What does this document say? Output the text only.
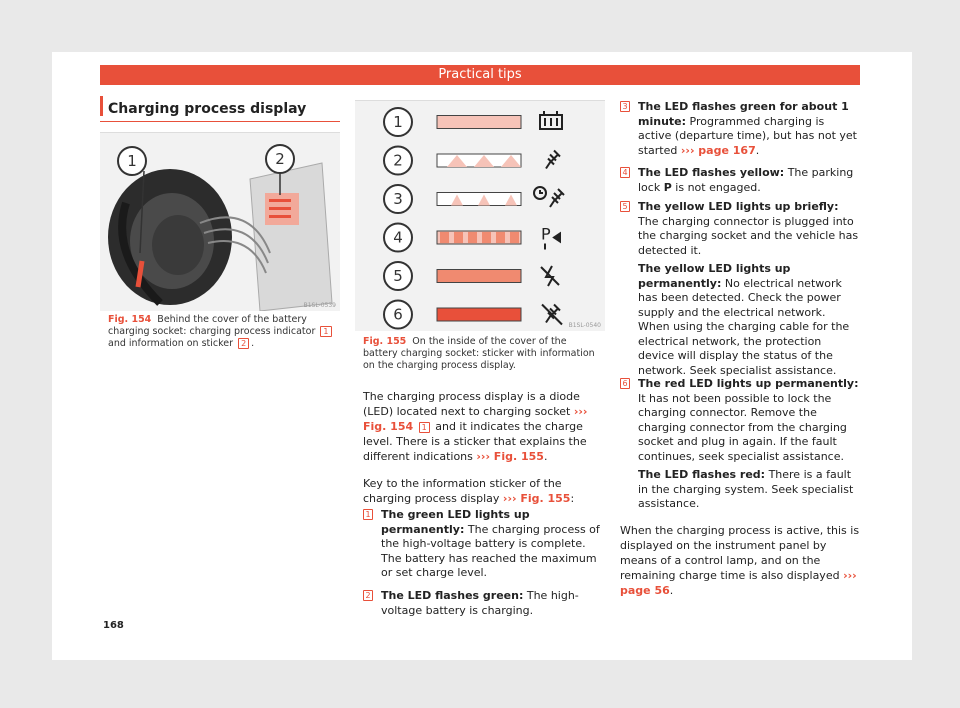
Practical tips
Charging process display
1	2
B1SL-0539
Fig. 154 Behind the cover of the battery charging socket: charging process indicator 1and information on sticker 2 .
1
2
3
4	P
5
6
B1SL-0540
Fig. 155 On the inside of the cover of the battery charging socket: sticker with information on the charging process display.
The charging process display is a diode (LED) located next to charging socket ››› Fig. 154 1 and it indicates the charge level. There is a sticker that explains the different indications ››› Fig. 155.
Key to the information sticker of the charging process display ››› Fig. 155:
1 The green LED lights up permanently: The charging process of the high-voltage battery is complete. The battery has reached the maximum or set charge level.
2 The LED flashes green: The high-voltage battery is charging.
3 The LED flashes green for about 1 minute: Programmed charging is active (departure time), but has not yet started ››› page 167.
4 The LED flashes yellow: The parking lock P is not engaged.
5 The yellow LED lights up briefly: The charging connector is plugged into the charging socket and the vehicle has detected it.
The yellow LED lights up permanently: No electrical network has been detected. Check the power supply and the electrical network. When using the charging cable for the electrical network, the protection device will display the status of the network. Seek specialist assistance.
6 The red LED lights up permanently: It has not been possible to lock the charging connector. Remove the charging connector from the charging socket and plug in again. If the fault continues, seek specialist assistance.
The LED flashes red: There is a fault in the charging system. Seek specialist assistance.
When the charging process is active, this is displayed on the instrument panel by means of a control lamp, and on the remaining charge time is also displayed ››› page 56.
168
